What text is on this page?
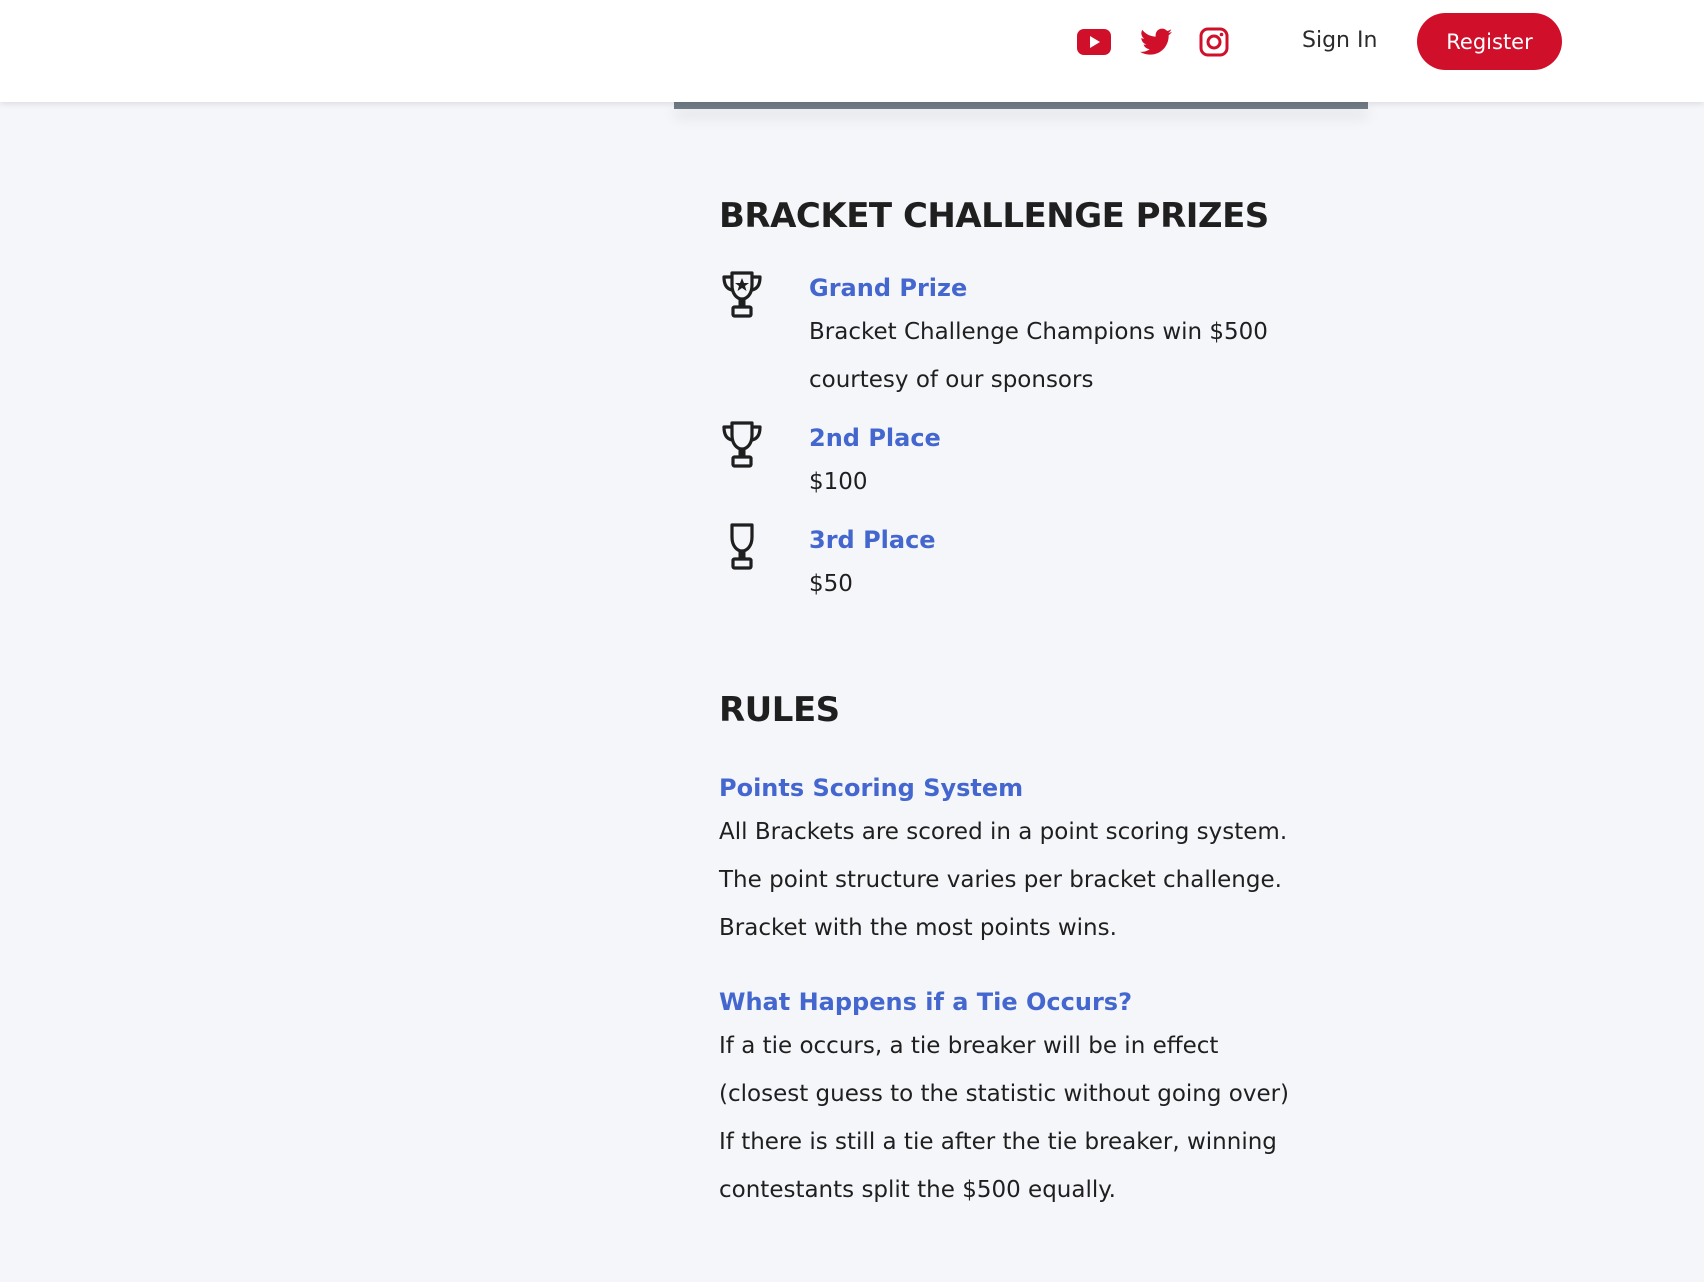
Sign In	Register
BRACKET CHALLENGE PRIZES
Grand Prize
Bracket Challenge Champions win $500
courtesy of our sponsors
2nd Place
$100
3rd Place
$50
RULES
Points Scoring System
All Brackets are scored in a point scoring system.
The point structure varies per bracket challenge.
Bracket with the most points wins.
What Happens if a Tie Occurs?
If a tie occurs, a tie breaker will be in effect
(closest guess to the statistic without going over)
If there is still a tie after the tie breaker, winning
contestants split the $500 equally.
